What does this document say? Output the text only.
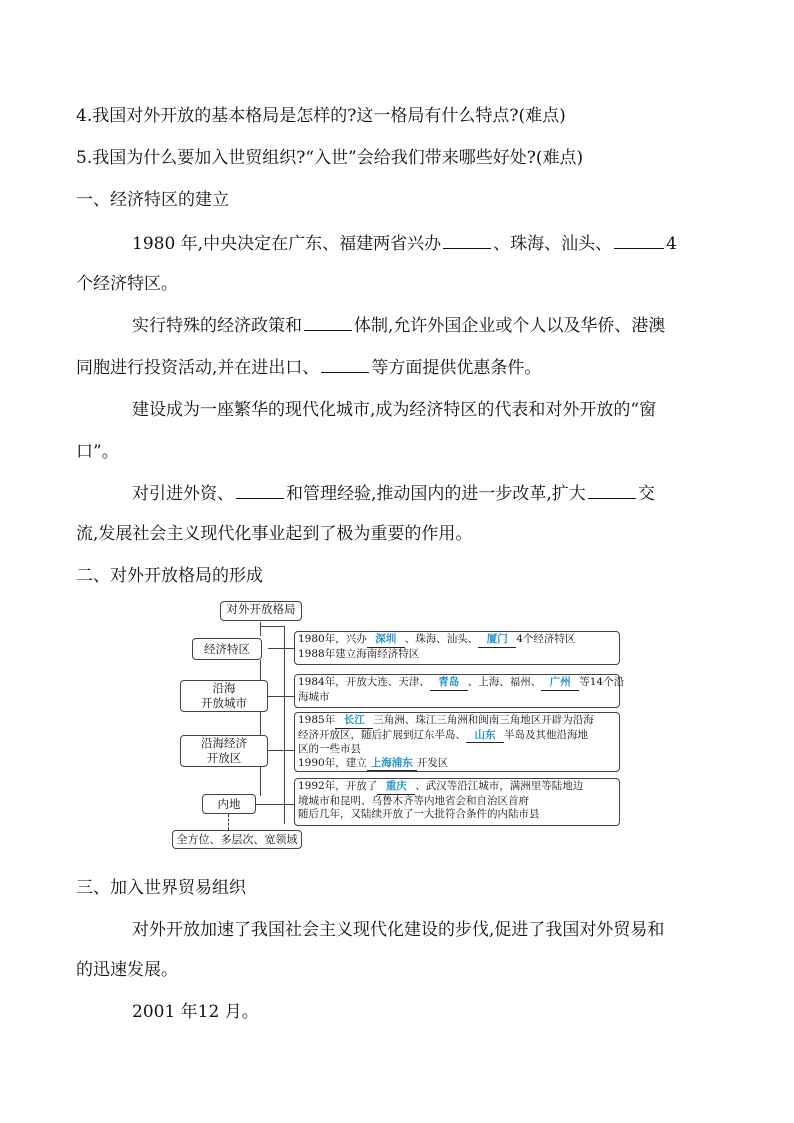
4.我国对外开放的基本格局是怎样的?这一格局有什么特点?(难点)
5.我国为什么要加入世贸组织?“入世”会给我们带来哪些好处?(难点)
一、经济特区的建立
1980 年,中央决定在广东、福建两省兴办	、珠海、汕头、	4
个经济特区。
实行特殊的经济政策和	体制,允许外国企业或个人以及华侨、港澳
同胞进行投资活动,并在进出口、	等方面提供优惠条件。
建设成为一座繁华的现代化城市,成为经济特区的代表和对外开放的“窗
口”。
对引进外资、	和管理经验,推动国内的进一步改革,扩大	交
流,发展社会主义现代化事业起到了极为重要的作用。
二、对外开放格局的形成
对外开放格局
经济特区
沿海
开放城市
沿海经济
开放区
内地
全方位、多层次、宽领域
1980年，兴办 深圳 、珠海、汕头、 厦门 4个经济特区
1988年建立海南经济特区
1984年，开放大连、天津、 青岛 、上海、福州、 广州 等14个沿
海城市
1985年 长江 三角洲、珠江三角洲和闽南三角地区开辟为沿海
经济开放区，随后扩展到辽东半岛、 山东 半岛及其他沿海地
区的一些市县
1990年，建立 上海浦东 开发区
1992年，开放了 重庆 、武汉等沿江城市，满洲里等陆地边
境城市和昆明、乌鲁木齐等内地省会和自治区首府
随后几年，又陆续开放了一大批符合条件的内陆市县
三、加入世界贸易组织
对外开放加速了我国社会主义现代化建设的步伐,促进了我国对外贸易和
的迅速发展。
2001 年12 月。
